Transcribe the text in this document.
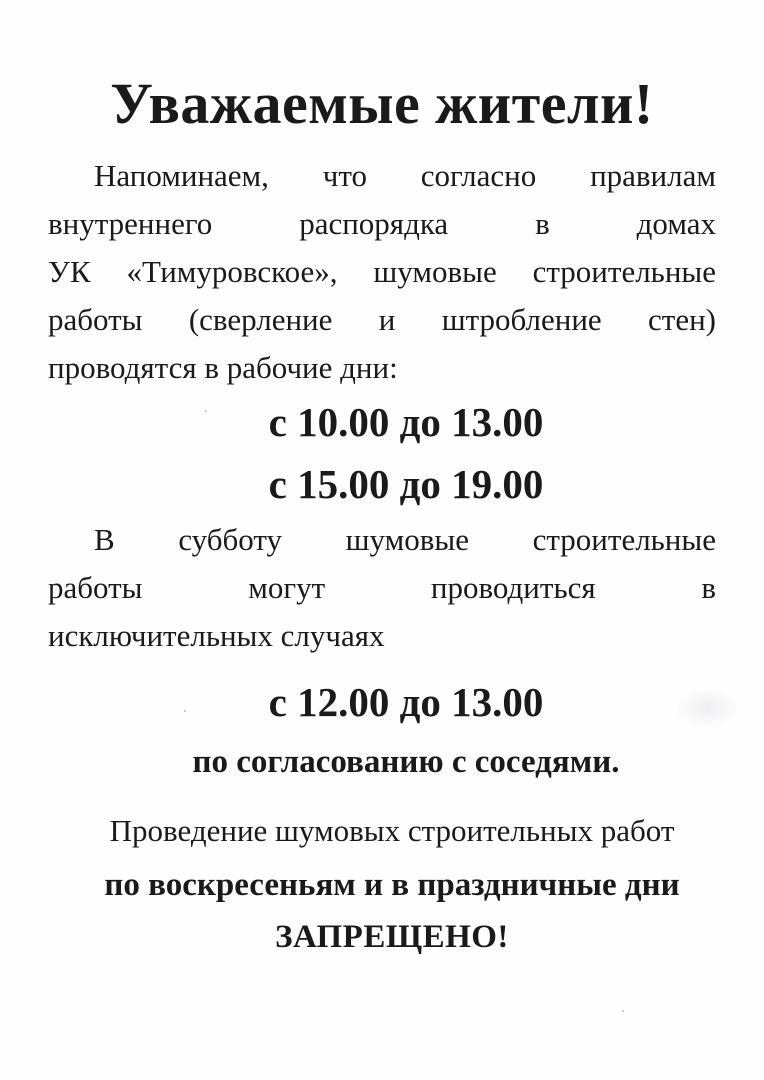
Уважаемые жители!

Напоминаем, что согласно правилам
внутреннего распорядка в домах
УК «Тимуровское», шумовые строительные
работы (сверление и штробление стен)
проводятся в рабочие дни:

с 10.00 до 13.00

с 15.00 до 19.00

В субботу шумовые строительные
работы могут проводиться в
исключительных случаях

с 12.00 до 13.00

по согласованию с соседями.

Проведение шумовых строительных работ

по воскресеньям и в праздничные дни

ЗАПРЕЩЕНО!
